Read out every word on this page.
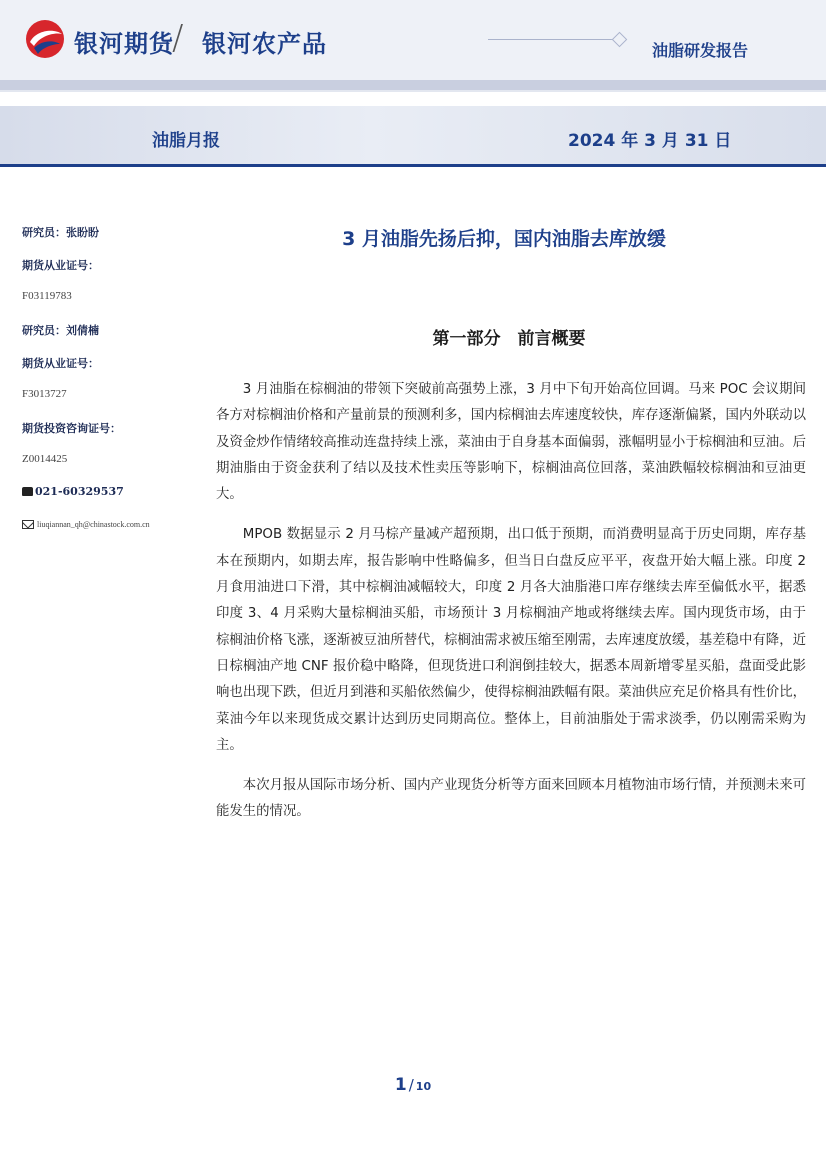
银河期货
/ 银河农产品	油脂研发报告
油脂月报	2024 年 3 月 31 日
研究员：张盼盼
期货从业证号：
F03119783
研究员：刘倩楠
期货从业证号：
F3013727
期货投资咨询证号：
Z0014425
021-60329537
liuqiannan_qh@chinastock.com.cn
3 月油脂先扬后抑，国内油脂去库放缓
第一部分　前言概要

3 月油脂在棕榈油的带领下突破前高强势上涨，3 月中下旬开始高位回调。马来 POC 会议期间各方对棕榈油价格和产量前景的预测利多，国内棕榈油去库速度较快，库存逐渐偏紧，国内外联动以及资金炒作情绪较高推动连盘持续上涨，菜油由于自身基本面偏弱，涨幅明显小于棕榈油和豆油。后期油脂由于资金获利了结以及技术性卖压等影响下，棕榈油高位回落，菜油跌幅较棕榈油和豆油更大。

MPOB 数据显示 2 月马棕产量减产超预期，出口低于预期，而消费明显高于历史同期，库存基本在预期内，如期去库，报告影响中性略偏多，但当日白盘反应平平，夜盘开始大幅上涨。印度 2 月食用油进口下滑，其中棕榈油减幅较大，印度 2 月各大油脂港口库存继续去库至偏低水平，据悉印度 3、4 月采购大量棕榈油买船，市场预计 3 月棕榈油产地或将继续去库。国内现货市场，由于棕榈油价格飞涨，逐渐被豆油所替代，棕榈油需求被压缩至刚需，去库速度放缓，基差稳中有降，近日棕榈油产地 CNF 报价稳中略降，但现货进口利润倒挂较大，据悉本周新增零星买船，盘面受此影响也出现下跌，但近月到港和买船依然偏少，使得棕榈油跌幅有限。菜油供应充足价格具有性价比，菜油今年以来现货成交累计达到历史同期高位。整体上，目前油脂处于需求淡季，仍以刚需采购为主。

本次月报从国际市场分析、国内产业现货分析等方面来回顾本月植物油市场行情，并预测未来可能发生的情况。

1 / 10
